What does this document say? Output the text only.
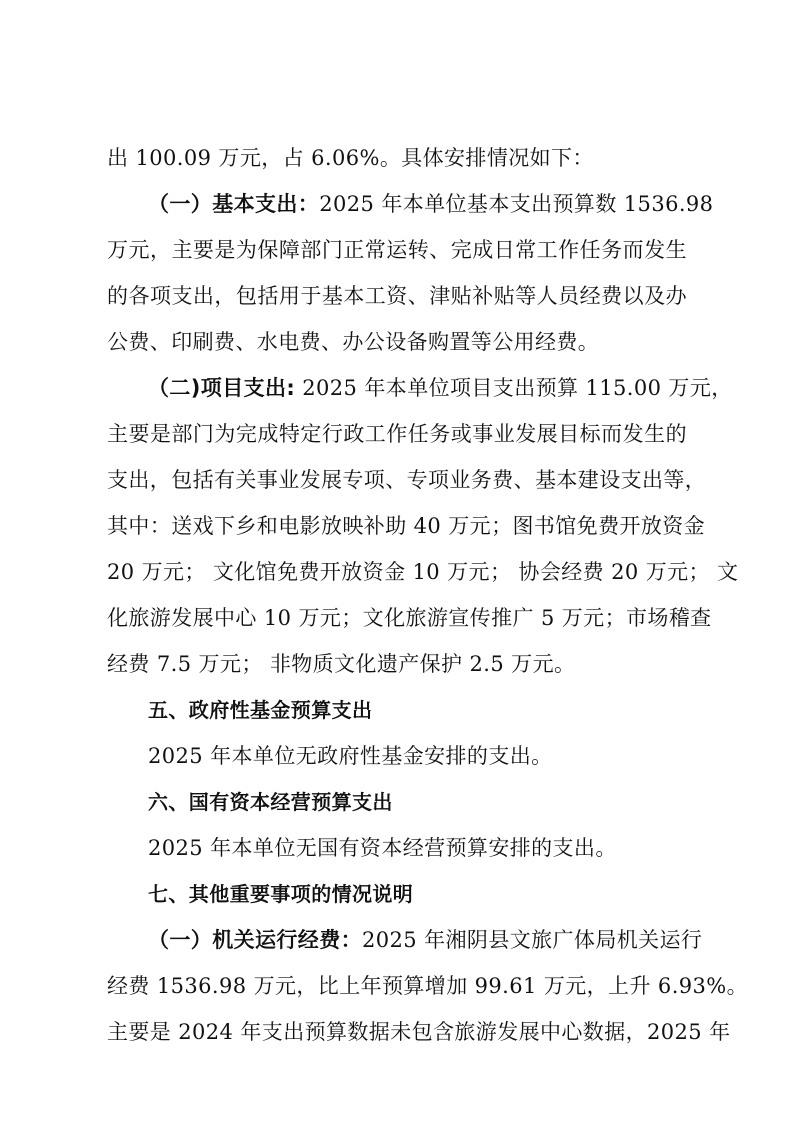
出 100.09 万元，占 6.06%。具体安排情况如下：
（一）基本支出：2025 年本单位基本支出预算数 1536.98
万元，主要是为保障部门正常运转、完成日常工作任务而发生
的各项支出，包括用于基本工资、津贴补贴等人员经费以及办
公费、印刷费、水电费、办公设备购置等公用经费。
（二)项目支出: 2025 年本单位项目支出预算 115.00 万元，
主要是部门为完成特定行政工作任务或事业发展目标而发生的
支出，包括有关事业发展专项、专项业务费、基本建设支出等，
其中：送戏下乡和电影放映补助 40 万元；图书馆免费开放资金
20 万元； 文化馆免费开放资金 10 万元； 协会经费 20 万元； 文
化旅游发展中心 10 万元；文化旅游宣传推广 5 万元；市场稽查
经费 7.5 万元； 非物质文化遗产保护 2.5 万元。
五、政府性基金预算支出
2025 年本单位无政府性基金安排的支出。
六、国有资本经营预算支出
2025 年本单位无国有资本经营预算安排的支出。
七、其他重要事项的情况说明
（一）机关运行经费：2025 年湘阴县文旅广体局机关运行
经费 1536.98 万元，比上年预算增加 99.61 万元，上升 6.93%。
主要是 2024 年支出预算数据未包含旅游发展中心数据，2025 年
